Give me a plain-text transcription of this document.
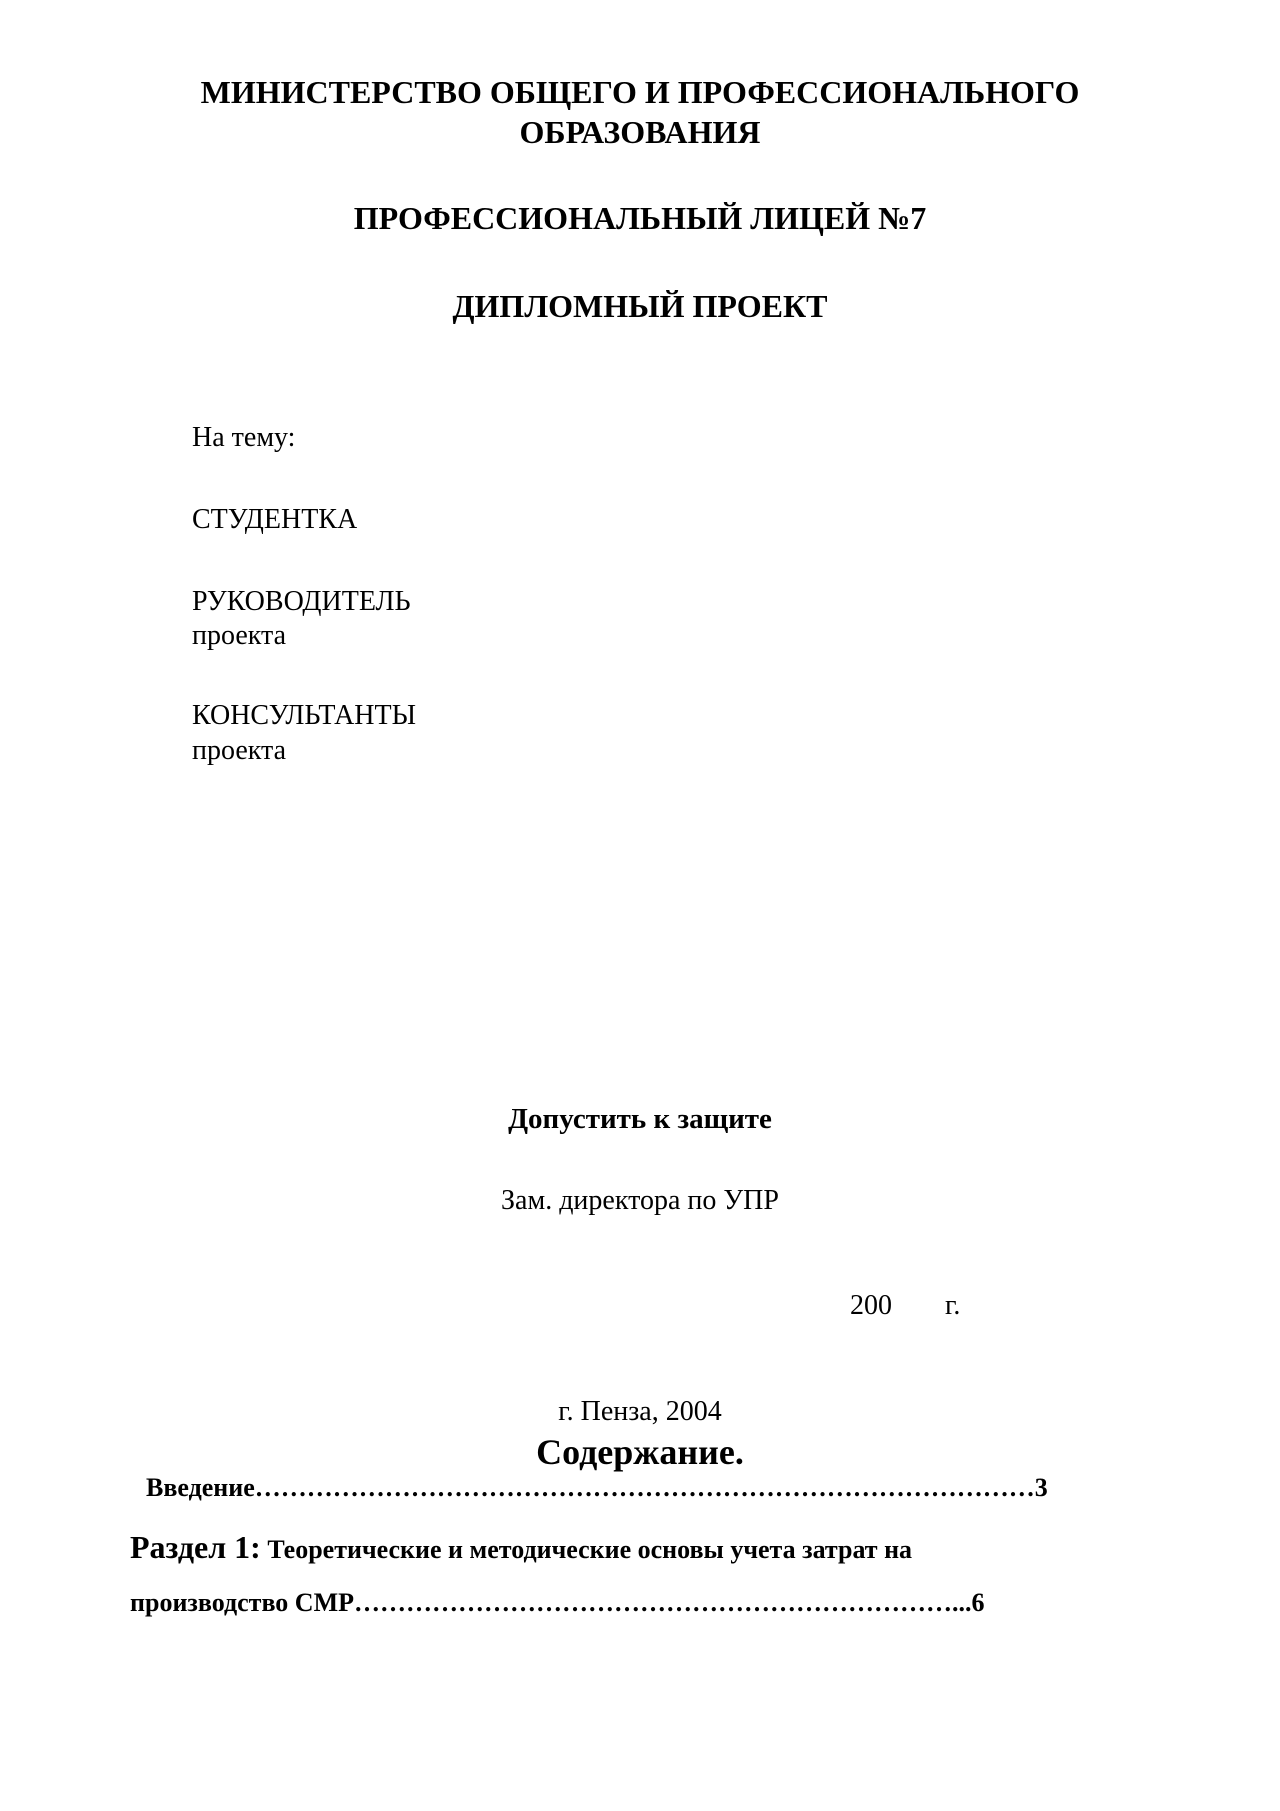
МИНИСТЕРСТВО ОБЩЕГО И ПРОФЕССИОНАЛЬНОГО
ОБРАЗОВАНИЯ
ПРОФЕССИОНАЛЬНЫЙ ЛИЦЕЙ №7
ДИПЛОМНЫЙ ПРОЕКТ
На тему:
СТУДЕНТКА
РУКОВОДИТЕЛЬ
проекта
КОНСУЛЬТАНТЫ
проекта
Допустить к защите
Зам. директора по УПР
200 г.
г. Пенза, 2004
Содержание.
Введение………………………………………………………………………………3
Раздел 1: Теоретические и методические основы учета затрат на
производство СМР……………………………………………………………...6
